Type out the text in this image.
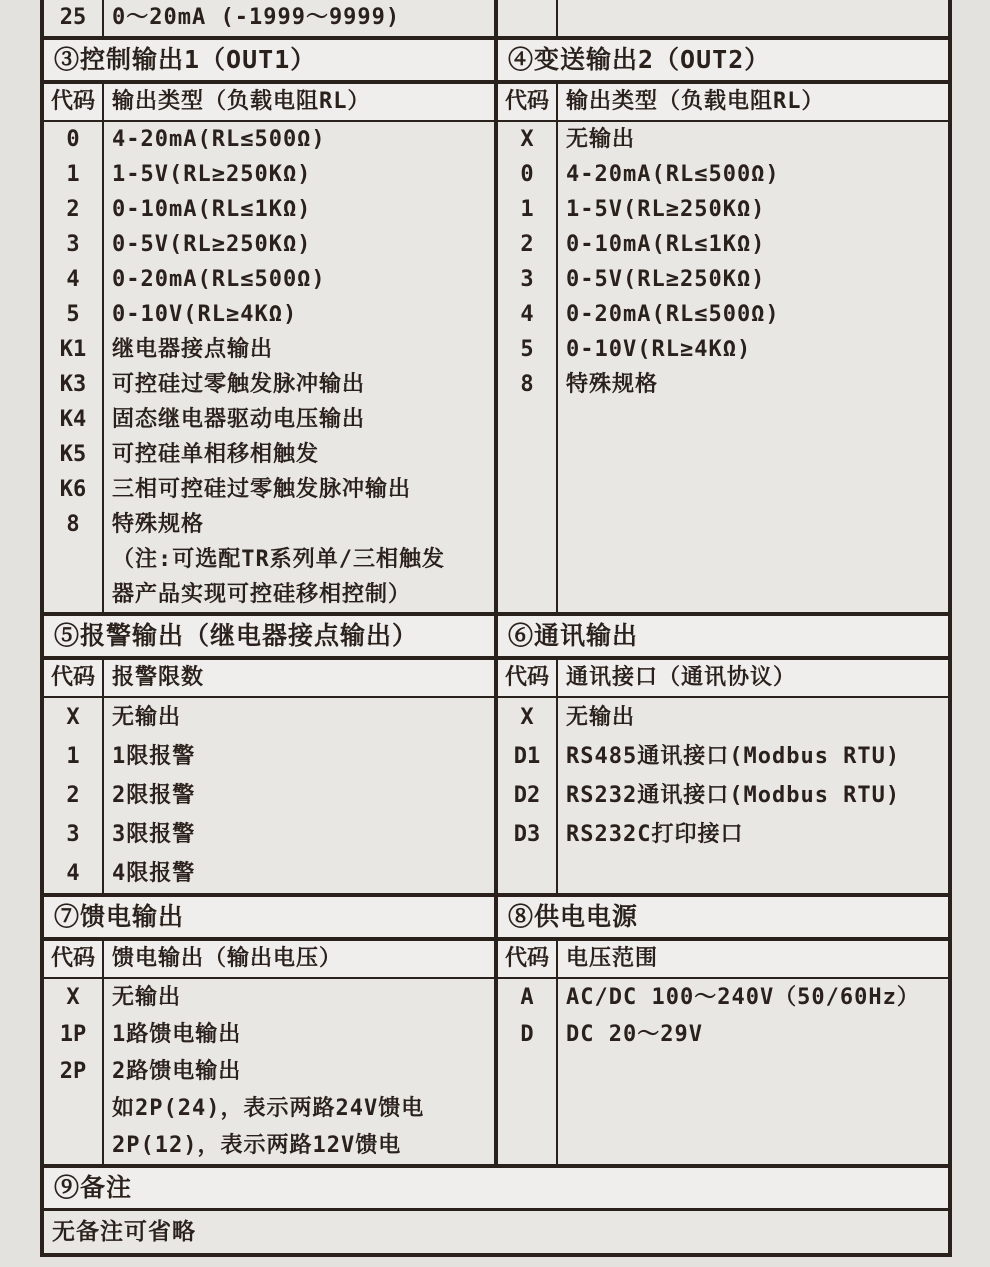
25	0～20mA (-1999～9999)
③控制输出1（OUT1）	④变送输出2（OUT2）
代码 输出类型（负载电阻RL）
0	4-20mA(RL≤500Ω)
1	1-5V(RL≥250KΩ)
2	0-10mA(RL≤1KΩ)
3	0-5V(RL≥250KΩ)
4	0-20mA(RL≤500Ω)
5	0-10V(RL≥4KΩ)
K1	继电器接点输出
K3	可控硅过零触发脉冲输出
K4	固态继电器驱动电压输出
K5	可控硅单相移相触发
K6	三相可控硅过零触发脉冲输出
8	特殊规格
（注:可选配TR系列单/三相触发
器产品实现可控硅移相控制）
代码 输出类型（负载电阻RL）
X	无输出
0	4-20mA(RL≤500Ω)
1	1-5V(RL≥250KΩ)
2	0-10mA(RL≤1KΩ)
3	0-5V(RL≥250KΩ)
4	0-20mA(RL≤500Ω)
5	0-10V(RL≥4KΩ)
8	特殊规格
⑤报警输出（继电器接点输出）	⑥通讯输出
代码 报警限数
X	无输出
1	1限报警
2	2限报警
3	3限报警
4	4限报警
代码 通讯接口（通讯协议）
X	无输出
D1	RS485通讯接口(Modbus RTU)
D2	RS232通讯接口(Modbus RTU)
D3	RS232C打印接口
⑦馈电输出	⑧供电电源
代码 馈电输出（输出电压）
X	无输出
1P	1路馈电输出
2P	2路馈电输出
如2P(24)，表示两路24V馈电
2P(12)，表示两路12V馈电
代码 电压范围
A	AC/DC 100～240V（50/60Hz）
D	DC 20～29V
⑨备注
无备注可省略
